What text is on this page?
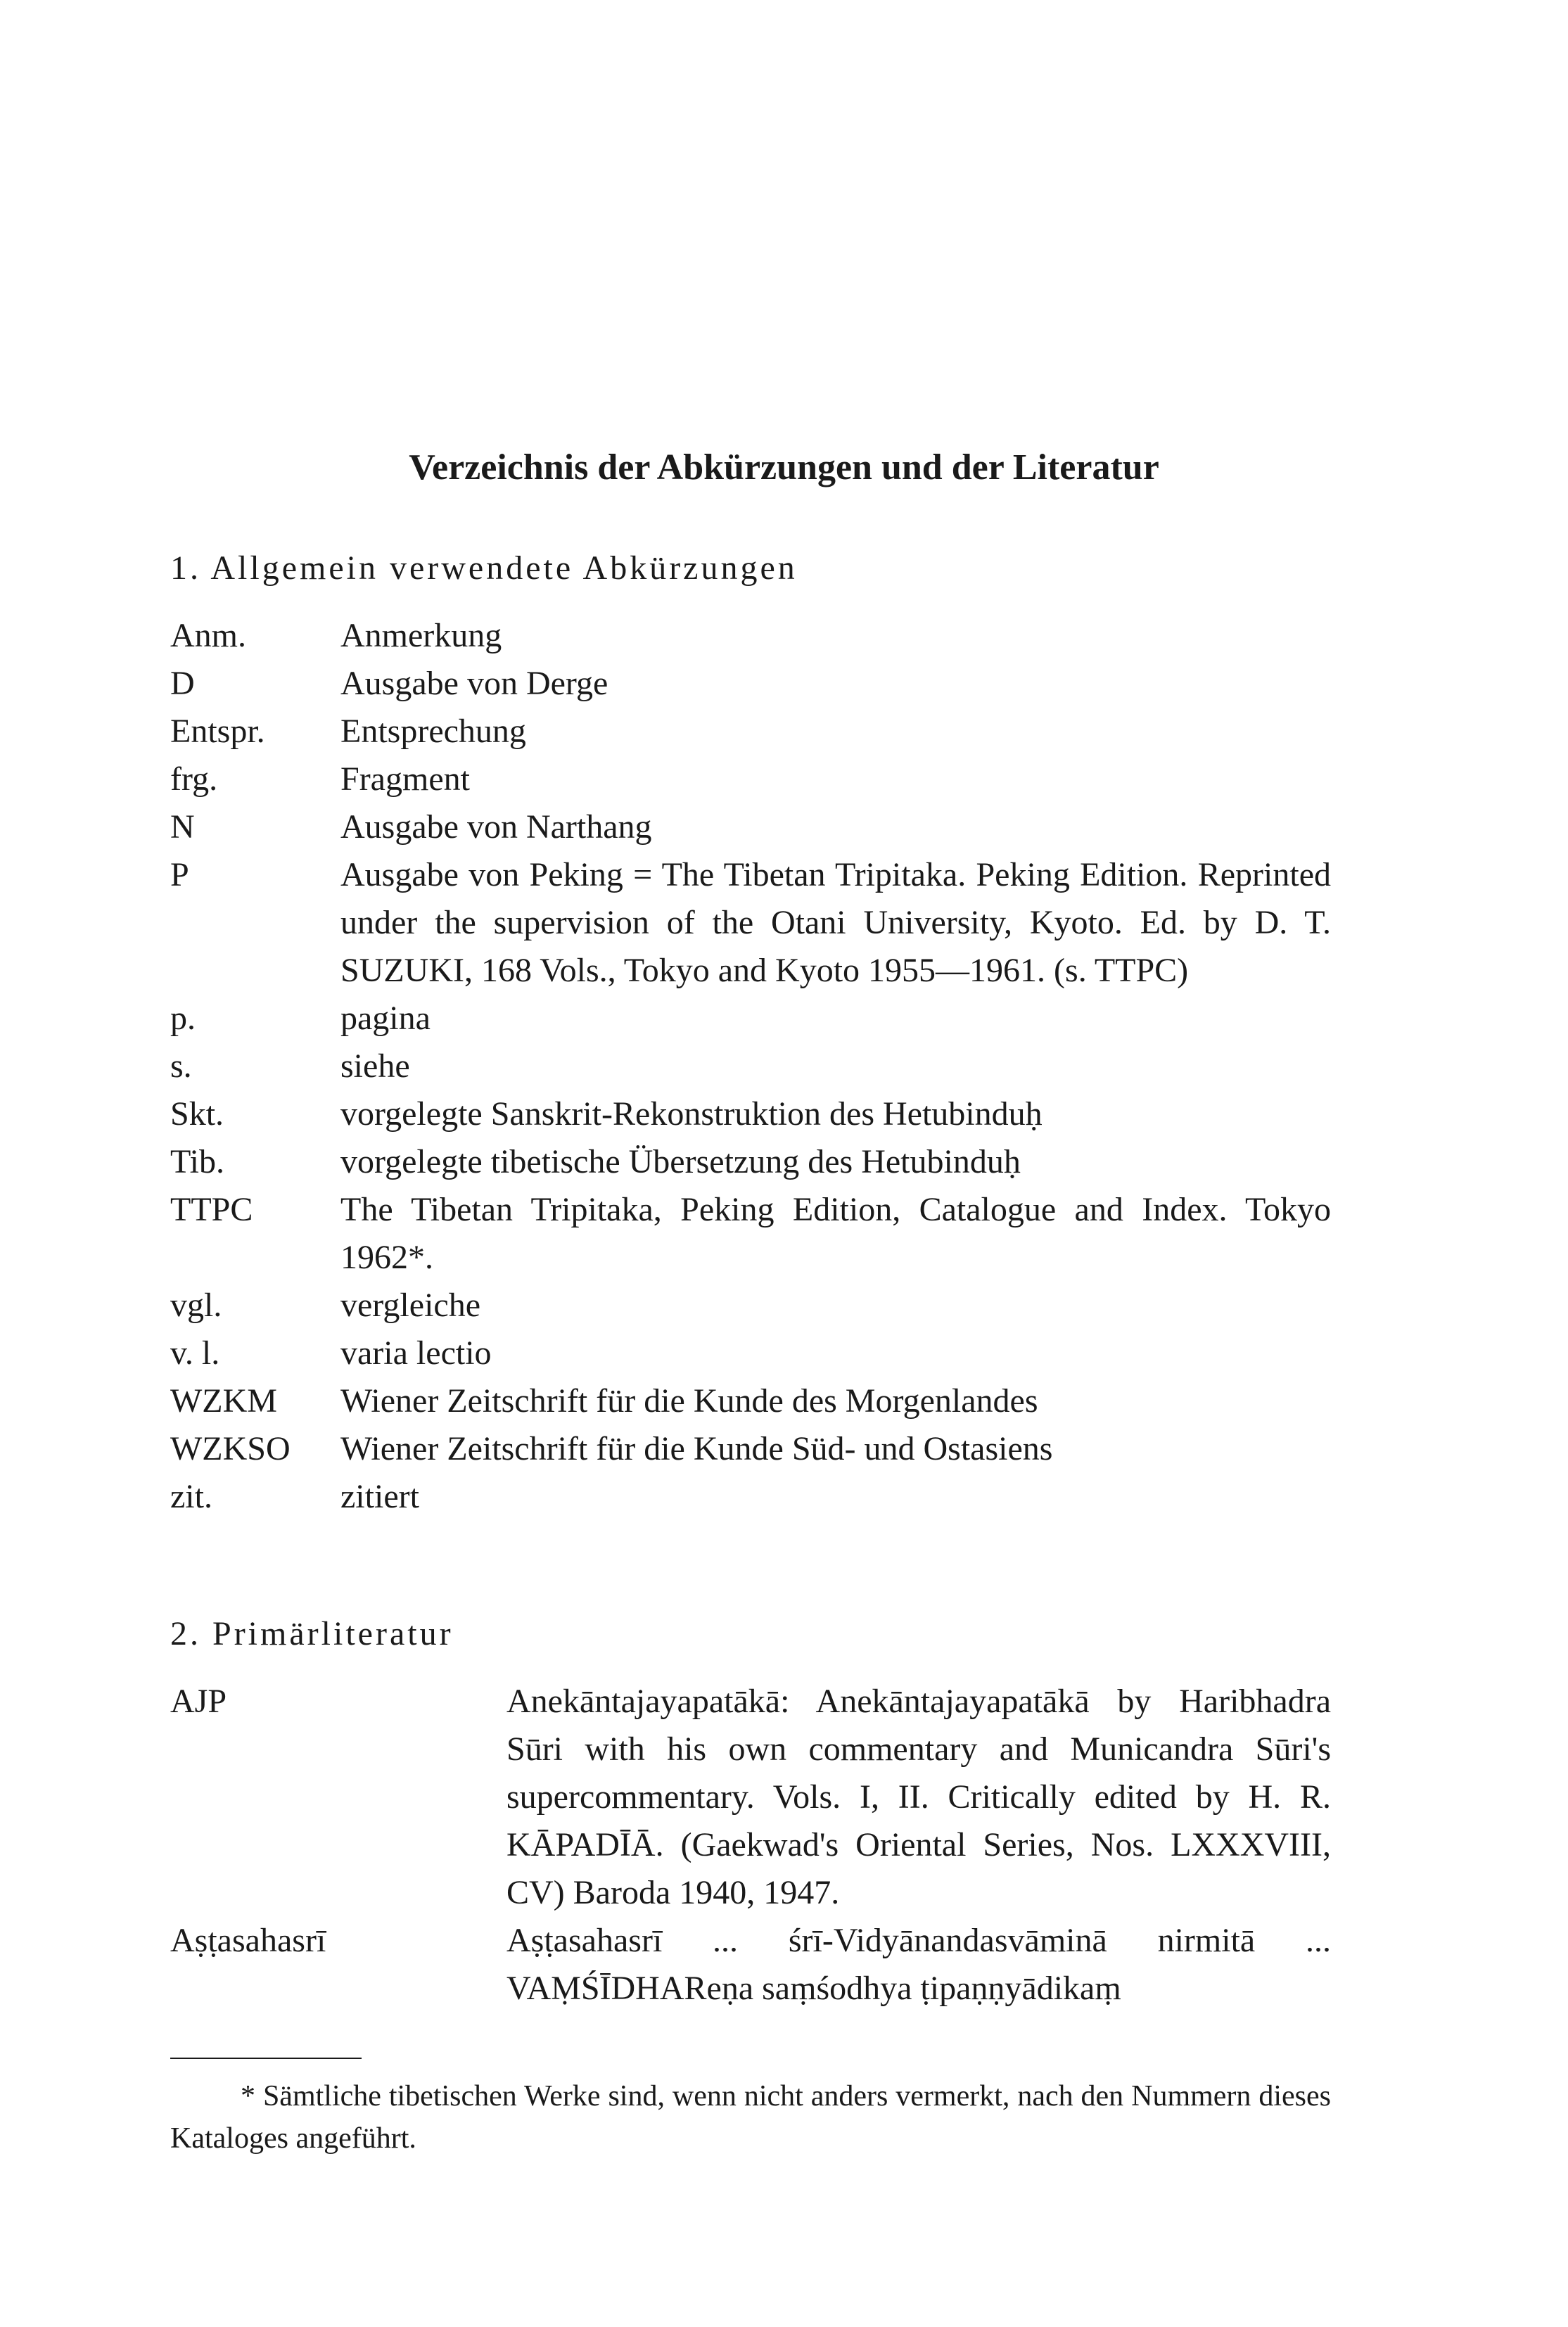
Verzeichnis der Abkürzungen und der Literatur
1. Allgemein verwendete Abkürzungen
Anm.	Anmerkung
D	Ausgabe von Derge
Entspr.	Entsprechung
frg.	Fragment
N	Ausgabe von Narthang
P	Ausgabe von Peking = The Tibetan Tripitaka. Peking Edition. Reprinted under the supervision of the Otani University, Kyoto. Ed. by D. T. SUZUKI, 168 Vols., Tokyo and Kyoto 1955—1961. (s. TTPC)
p.	pagina
s.	siehe
Skt.	vorgelegte Sanskrit-Rekonstruktion des Hetubinduḥ
Tib.	vorgelegte tibetische Übersetzung des Hetubinduḥ
TTPC	The Tibetan Tripitaka, Peking Edition, Catalogue and Index. Tokyo 1962*.
vgl.	vergleiche
v. l.	varia lectio
WZKM	Wiener Zeitschrift für die Kunde des Morgenlandes
WZKSO	Wiener Zeitschrift für die Kunde Süd- und Ostasiens
zit.	zitiert
2. Primärliteratur
AJP	Anekāntajayapatākā: Anekāntajayapatākā by Haribhadra Sūri with his own commentary and Municandra Sūri's supercommentary. Vols. I, II. Critically edited by H. R. KĀPADĪĀ. (Gaekwad's Oriental Series, Nos. LXXXVIII, CV) Baroda 1940, 1947.
Aṣṭasahasrī	Aṣṭasahasrī ... śrī-Vidyānandasvāminā nirmitā ... VAṂŚĪDHAReṇa saṃśodhya ṭipaṇṇyādikaṃ
* Sämtliche tibetischen Werke sind, wenn nicht anders vermerkt, nach den Nummern dieses Kataloges angeführt.
